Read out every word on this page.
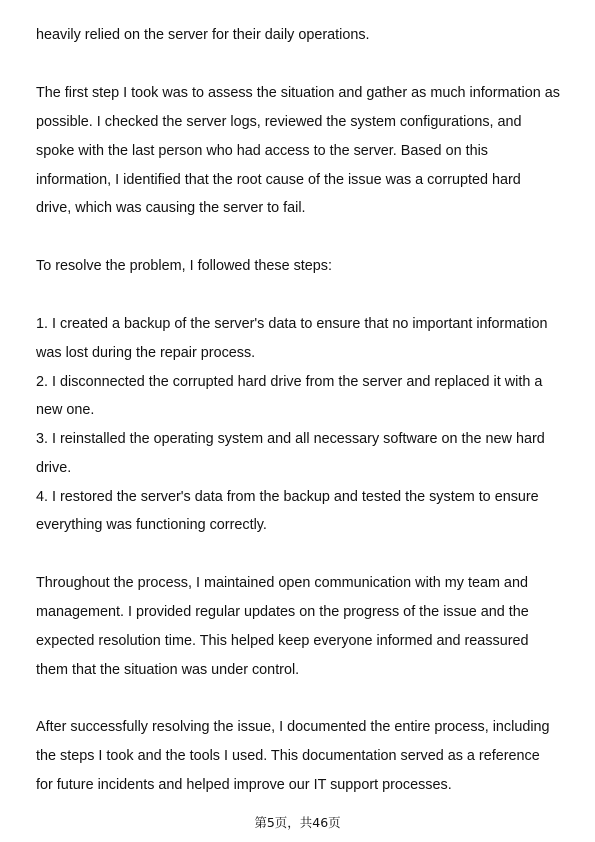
heavily relied on the server for their daily operations.
The first step I took was to assess the situation and gather as much information as
possible. I checked the server logs, reviewed the system configurations, and
spoke with the last person who had access to the server. Based on this
information, I identified that the root cause of the issue was a corrupted hard
drive, which was causing the server to fail.
To resolve the problem, I followed these steps:
1. I created a backup of the server's data to ensure that no important information
was lost during the repair process.
2. I disconnected the corrupted hard drive from the server and replaced it with a
new one.
3. I reinstalled the operating system and all necessary software on the new hard
drive.
4. I restored the server's data from the backup and tested the system to ensure
everything was functioning correctly.
Throughout the process, I maintained open communication with my team and
management. I provided regular updates on the progress of the issue and the
expected resolution time. This helped keep everyone informed and reassured
them that the situation was under control.
After successfully resolving the issue, I documented the entire process, including
the steps I took and the tools I used. This documentation served as a reference
for future incidents and helped improve our IT support processes.
第5页，共46页
